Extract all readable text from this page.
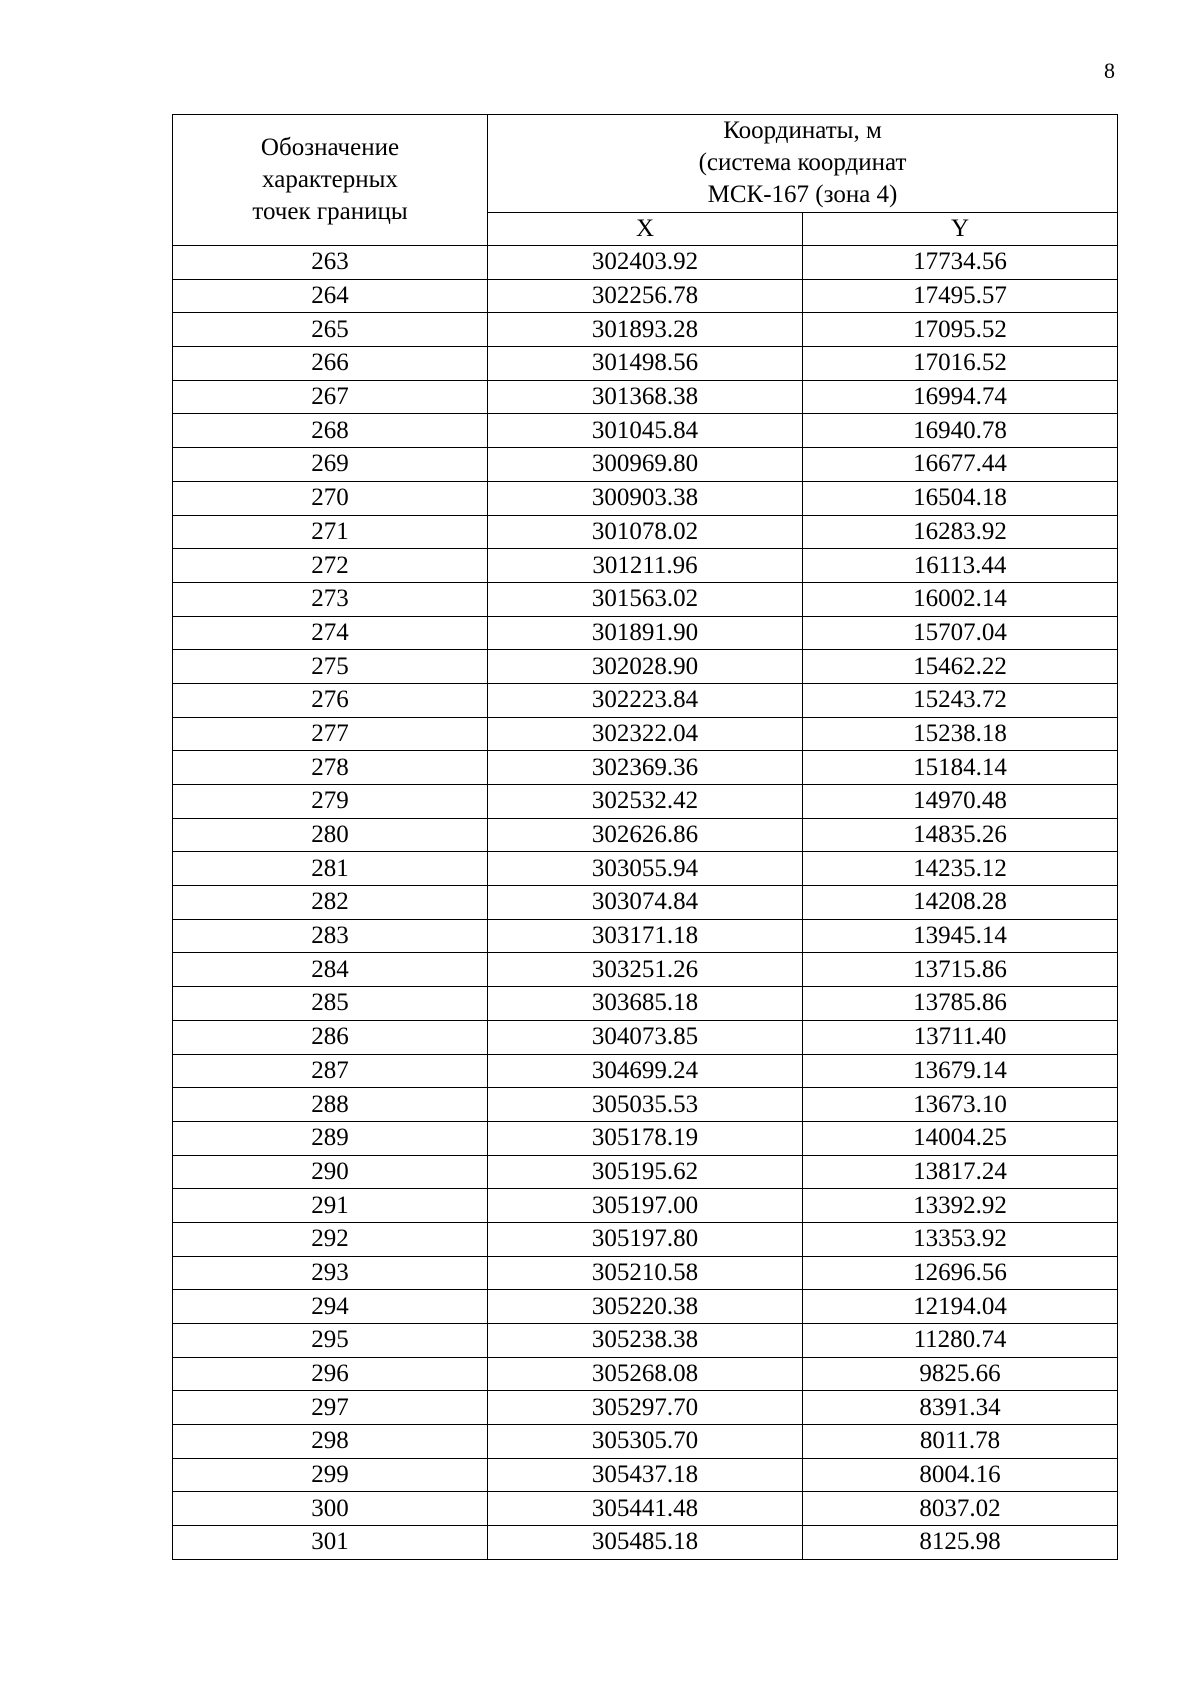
8
Обозначение
характерных
точек границы	Координаты, м
(система координат
МСК-167 (зона 4)	

	X	Y
263	302403.92	17734.56
264	302256.78	17495.57
265	301893.28	17095.52
266	301498.56	17016.52
267	301368.38	16994.74
268	301045.84	16940.78
269	300969.80	16677.44
270	300903.38	16504.18
271	301078.02	16283.92
272	301211.96	16113.44
273	301563.02	16002.14
274	301891.90	15707.04
275	302028.90	15462.22
276	302223.84	15243.72
277	302322.04	15238.18
278	302369.36	15184.14
279	302532.42	14970.48
280	302626.86	14835.26
281	303055.94	14235.12
282	303074.84	14208.28
283	303171.18	13945.14
284	303251.26	13715.86
285	303685.18	13785.86
286	304073.85	13711.40
287	304699.24	13679.14
288	305035.53	13673.10
289	305178.19	14004.25
290	305195.62	13817.24
291	305197.00	13392.92
292	305197.80	13353.92
293	305210.58	12696.56
294	305220.38	12194.04
295	305238.38	11280.74
296	305268.08	9825.66
297	305297.70	8391.34
298	305305.70	8011.78
299	305437.18	8004.16
300	305441.48	8037.02
301	305485.18	8125.98
